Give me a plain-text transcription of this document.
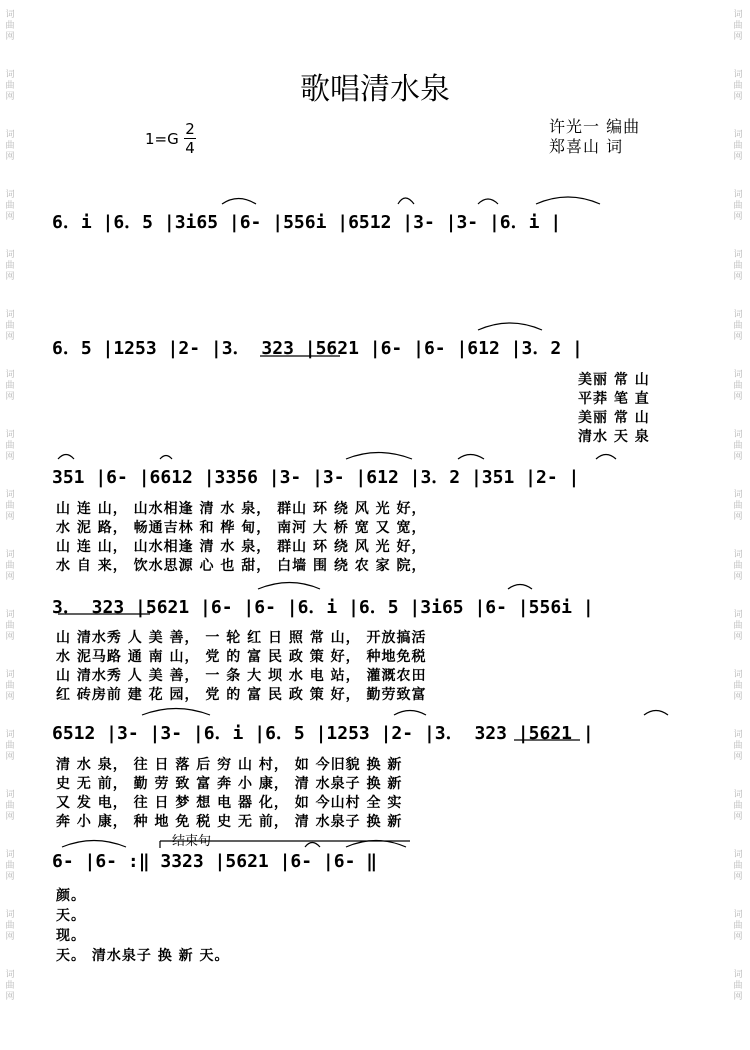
词曲网
词曲网
词曲网
词曲网
词曲网
词曲网
词曲网
词曲网
词曲网
词曲网
词曲网
词曲网
词曲网
词曲网
词曲网
词曲网
词曲网
词曲网
词曲网
词曲网
词曲网
词曲网
词曲网
词曲网
词曲网
词曲网
词曲网
词曲网
词曲网
词曲网
词曲网
词曲网
词曲网
词曲网
歌唱清水泉
1=G
2
4
许光一 编曲
郑喜山 词
6．i |6．5 |3i65 |6- |556i |6512 |3- |3- |6．i |
6．5 |1253 |2- |3． 323 |5621 |6- |6- |612 |3．2 |
351 |6- |6612 |3356 |3- |3- |612 |3．2 |351 |2- |
3． 323 |5621 |6- |6- |6．i |6．5 |3i65 |6- |556i |
6512 |3- |3- |6．i |6．5 |1253 |2- |3． 323 |5621 |
6- |6- :‖ 3323 |5621 |6- |6- ‖
结束句
美丽 常 山
平莽 笔 直
美丽 常 山
清水 天 泉
山 连 山， 山水相逢 清 水 泉， 群山 环 绕 风 光 好，
水 泥 路， 畅通吉林 和 桦 甸， 南河 大 桥 宽 又 宽，
山 连 山， 山水相逢 清 水 泉， 群山 环 绕 风 光 好，
水 自 来， 饮水思源 心 也 甜， 白墙 围 绕 农 家 院，
山 清水秀 人 美 善， 一 轮 红 日 照 常 山， 开放搞活
水 泥马路 通 南 山， 党 的 富 民 政 策 好， 种地免税
山 清水秀 人 美 善， 一 条 大 坝 水 电 站， 灌溉农田
红 砖房前 建 花 园， 党 的 富 民 政 策 好， 勤劳致富
清 水 泉， 往 日 落 后 穷 山 村， 如 今旧貌 换 新
史 无 前， 勤 劳 致 富 奔 小 康， 清 水泉子 换 新
又 发 电， 往 日 梦 想 电 器 化， 如 今山村 全 实
奔 小 康， 种 地 免 税 史 无 前， 清 水泉子 换 新
颜。
天。
现。
天。 清水泉子 换 新 天。
